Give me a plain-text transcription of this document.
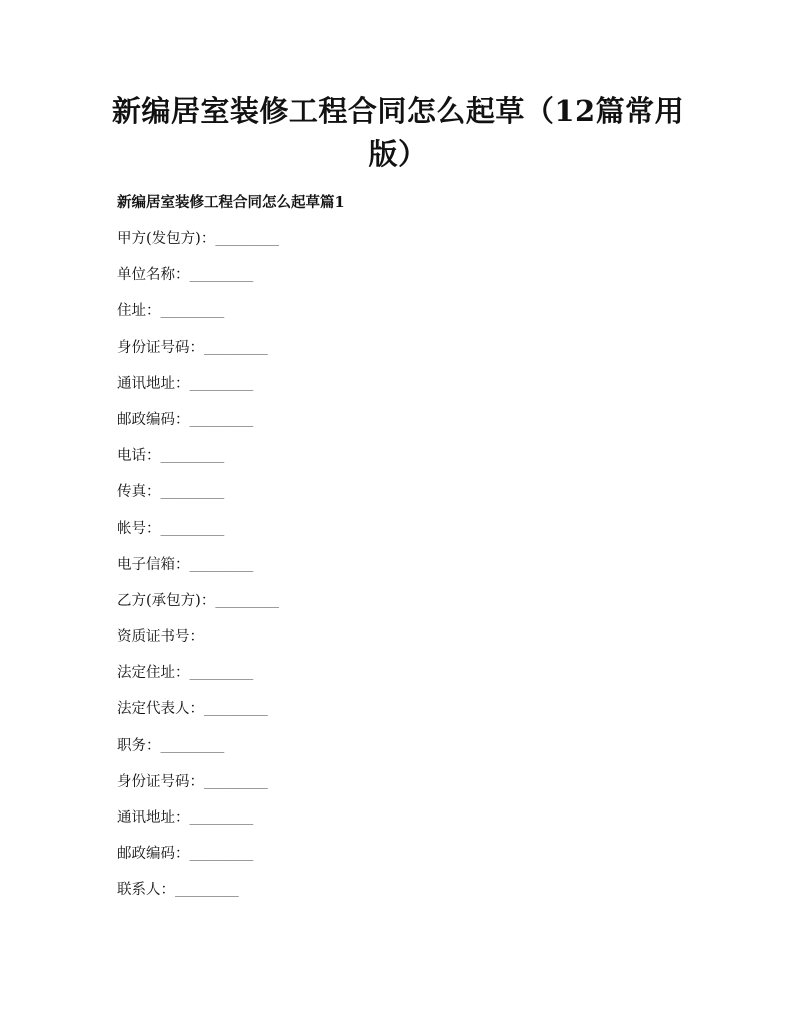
新编居室装修工程合同怎么起草（12篇常用
版）
新编居室装修工程合同怎么起草篇1
甲方(发包方)：_________
单位名称：_________
住址：_________
身份证号码：_________
通讯地址：_________
邮政编码：_________
电话：_________
传真：_________
帐号：_________
电子信箱：_________
乙方(承包方)：_________
资质证书号：
法定住址：_________
法定代表人：_________
职务：_________
身份证号码：_________
通讯地址：_________
邮政编码：_________
联系人：_________
